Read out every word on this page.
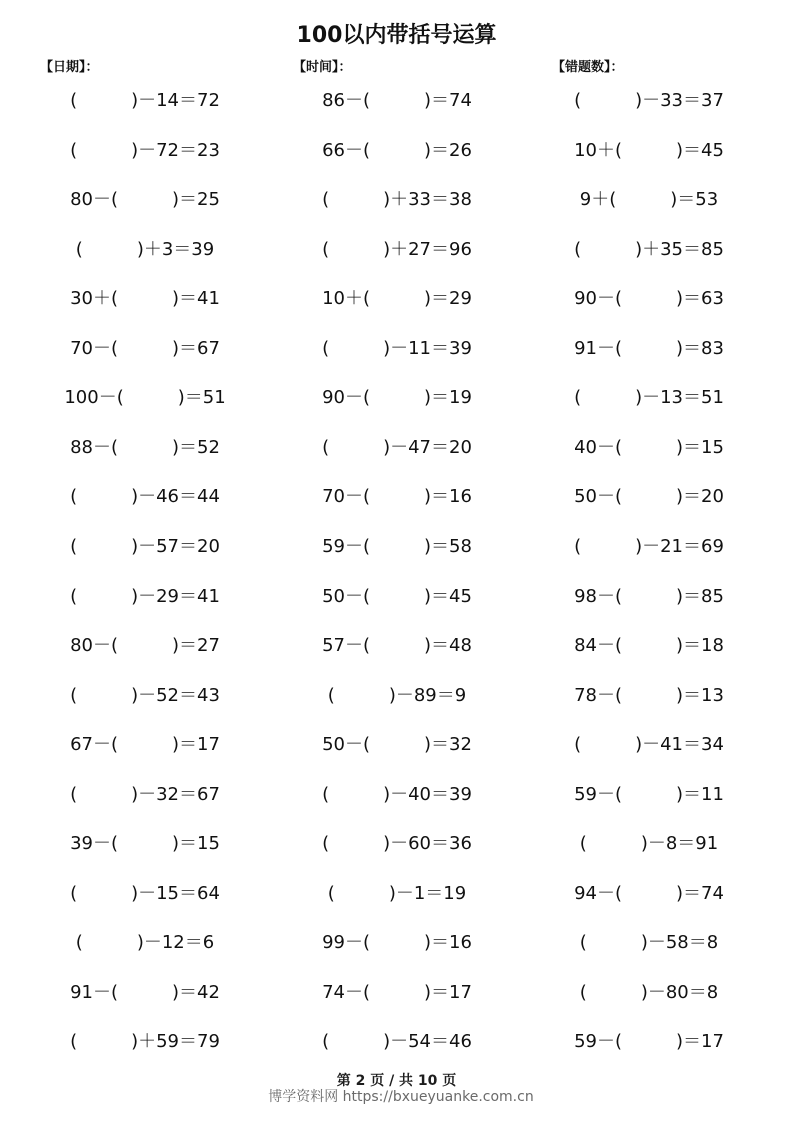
100以内带括号运算
【日期】：	【时间】：	【错题数】：
(　　　)－14＝72
(　　　)－72＝23
80－(　　　)＝25
(　　　)＋3＝39
30＋(　　　)＝41
70－(　　　)＝67
100－(　　　)＝51
88－(　　　)＝52
(　　　)－46＝44
(　　　)－57＝20
(　　　)－29＝41
80－(　　　)＝27
(　　　)－52＝43
67－(　　　)＝17
(　　　)－32＝67
39－(　　　)＝15
(　　　)－15＝64
(　　　)－12＝6
91－(　　　)＝42
(　　　)＋59＝79
86－(　　　)＝74
66－(　　　)＝26
(　　　)＋33＝38
(　　　)＋27＝96
10＋(　　　)＝29
(　　　)－11＝39
90－(　　　)＝19
(　　　)－47＝20
70－(　　　)＝16
59－(　　　)＝58
50－(　　　)＝45
57－(　　　)＝48
(　　　)－89＝9
50－(　　　)＝32
(　　　)－40＝39
(　　　)－60＝36
(　　　)－1＝19
99－(　　　)＝16
74－(　　　)＝17
(　　　)－54＝46
(　　　)－33＝37
10＋(　　　)＝45
9＋(　　　)＝53
(　　　)＋35＝85
90－(　　　)＝63
91－(　　　)＝83
(　　　)－13＝51
40－(　　　)＝15
50－(　　　)＝20
(　　　)－21＝69
98－(　　　)＝85
84－(　　　)＝18
78－(　　　)＝13
(　　　)－41＝34
59－(　　　)＝11
(　　　)－8＝91
94－(　　　)＝74
(　　　)－58＝8
(　　　)－80＝8
59－(　　　)＝17

博学资料网 https://bxueyuanke.com.cn

第 2 页 / 共 10 页
